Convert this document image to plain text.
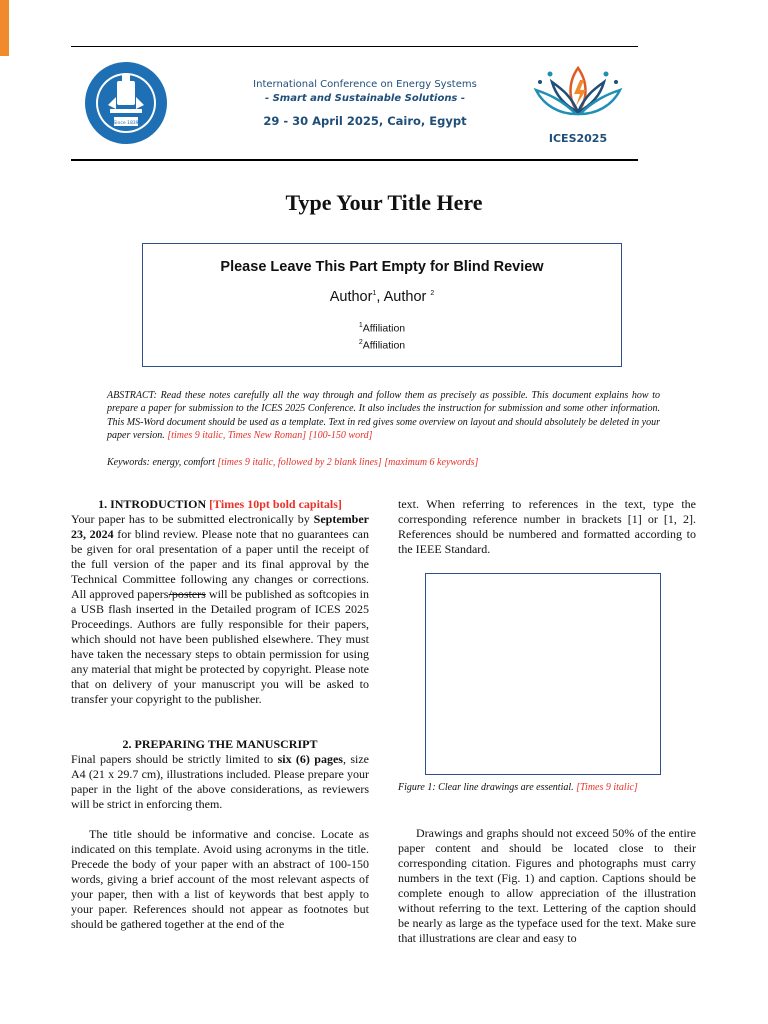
Since 1839
International Conference on Energy Systems
- Smart and Sustainable Solutions -
29 - 30 April 2025, Cairo, Egypt
ICES2025
Type Your Title Here
Please Leave This Part Empty for Blind Review
Author$^1$, Author $^2$
$^1$Affiliation
$^2$Affiliation
ABSTRACT: Read these notes carefully all the way through and follow them as precisely as possible. This document explains how to prepare a paper for submission to the ICES 2025 Conference. It also includes the instruction for submission and some other information. This MS-Word document should be used as a template. Text in red gives some overview on layout and should absolutely be deleted in your paper version. [times 9 italic, Times New Roman] [100-150 word]
Keywords: energy, comfort [times 9 italic, followed by 2 blank lines] [maximum 6 keywords]
1. INTRODUCTION [Times 10pt bold capitals]

Your paper has to be submitted electronically by September 23, 2024 for blind review. Please note that no guarantees can be given for oral presentation of a paper until the receipt of the full version of the paper and its final approval by the Technical Committee following any changes or corrections. All approved papers/posters will be published as softcopies in a USB flash inserted in the Detailed program of ICES 2025 Proceedings. Authors are fully responsible for their papers, which should not have been published elsewhere. They must have taken the necessary steps to obtain permission for using any material that might be protected by copyright. Please note that on delivery of your manuscript you will be asked to transfer your copyright to the publisher.

2. PREPARING THE MANUSCRIPT

Final papers should be strictly limited to six (6) pages, size A4 (21 x 29.7 cm), illustrations included. Please prepare your paper in the light of the above considerations, as reviewers will be strict in enforcing them.

The title should be informative and concise. Locate as indicated on this template. Avoid using acronyms in the title. Precede the body of your paper with an abstract of 100-150 words, giving a brief account of the most relevant aspects of your paper, then with a list of keywords that best apply to your paper. References should not appear as footnotes but should be gathered together at the end of the

text. When referring to references in the text, type the corresponding reference number in brackets [1] or [1, 2]. References should be numbered and formatted according to the IEEE Standard.

Figure 1: Clear line drawings are essential. [Times 9 italic]

Drawings and graphs should not exceed 50% of the entire paper content and should be located close to their corresponding citation. Figures and photographs must carry numbers in the text (Fig. 1) and caption. Captions should be complete enough to allow appreciation of the illustration without referring to the text. Lettering of the caption should be nearly as large as the typeface used for the text. Make sure that illustrations are clear and easy to
